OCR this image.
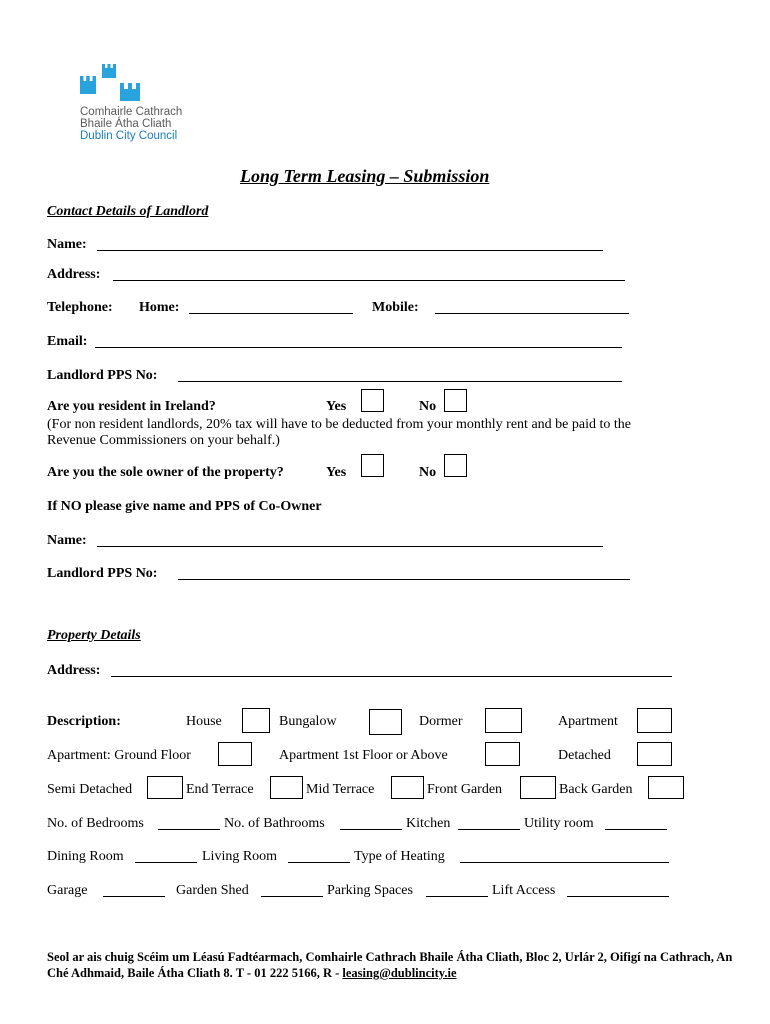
Comhairle Cathrach
Bhaile Átha Cliath
Dublin City Council
Long Term Leasing – Submission
Contact Details of Landlord
Name:
Address:
Telephone: Home:	Mobile:
Email:
Landlord PPS No:
Are you resident in Ireland?	Yes	No
(For non resident landlords, 20% tax will have to be deducted from your monthly rent and be paid to the
Revenue Commissioners on your behalf.)
Are you the sole owner of the property?	Yes	No
If NO please give name and PPS of Co-Owner
Name:
Landlord PPS No:
Property Details
Address:
Description:	House	Bungalow	Dormer	Apartment
Apartment: Ground Floor	Apartment 1st Floor or Above	Detached
Semi Detached	End Terrace	Mid Terrace	Front Garden	Back Garden
No. of Bedrooms	No. of Bathrooms	Kitchen	Utility room
Dining Room	Living Room	Type of Heating
Garage	Garden Shed	Parking Spaces	Lift Access
Seol ar ais chuig Scéim um Léasú Fadtéarmach, Comhairle Cathrach Bhaile Átha Cliath, Bloc 2, Urlár 2, Oifigí na Cathrach, An Ché Adhmaid, Baile Átha Cliath 8. T - 01 222 5166, R - leasing@dublincity.ie
